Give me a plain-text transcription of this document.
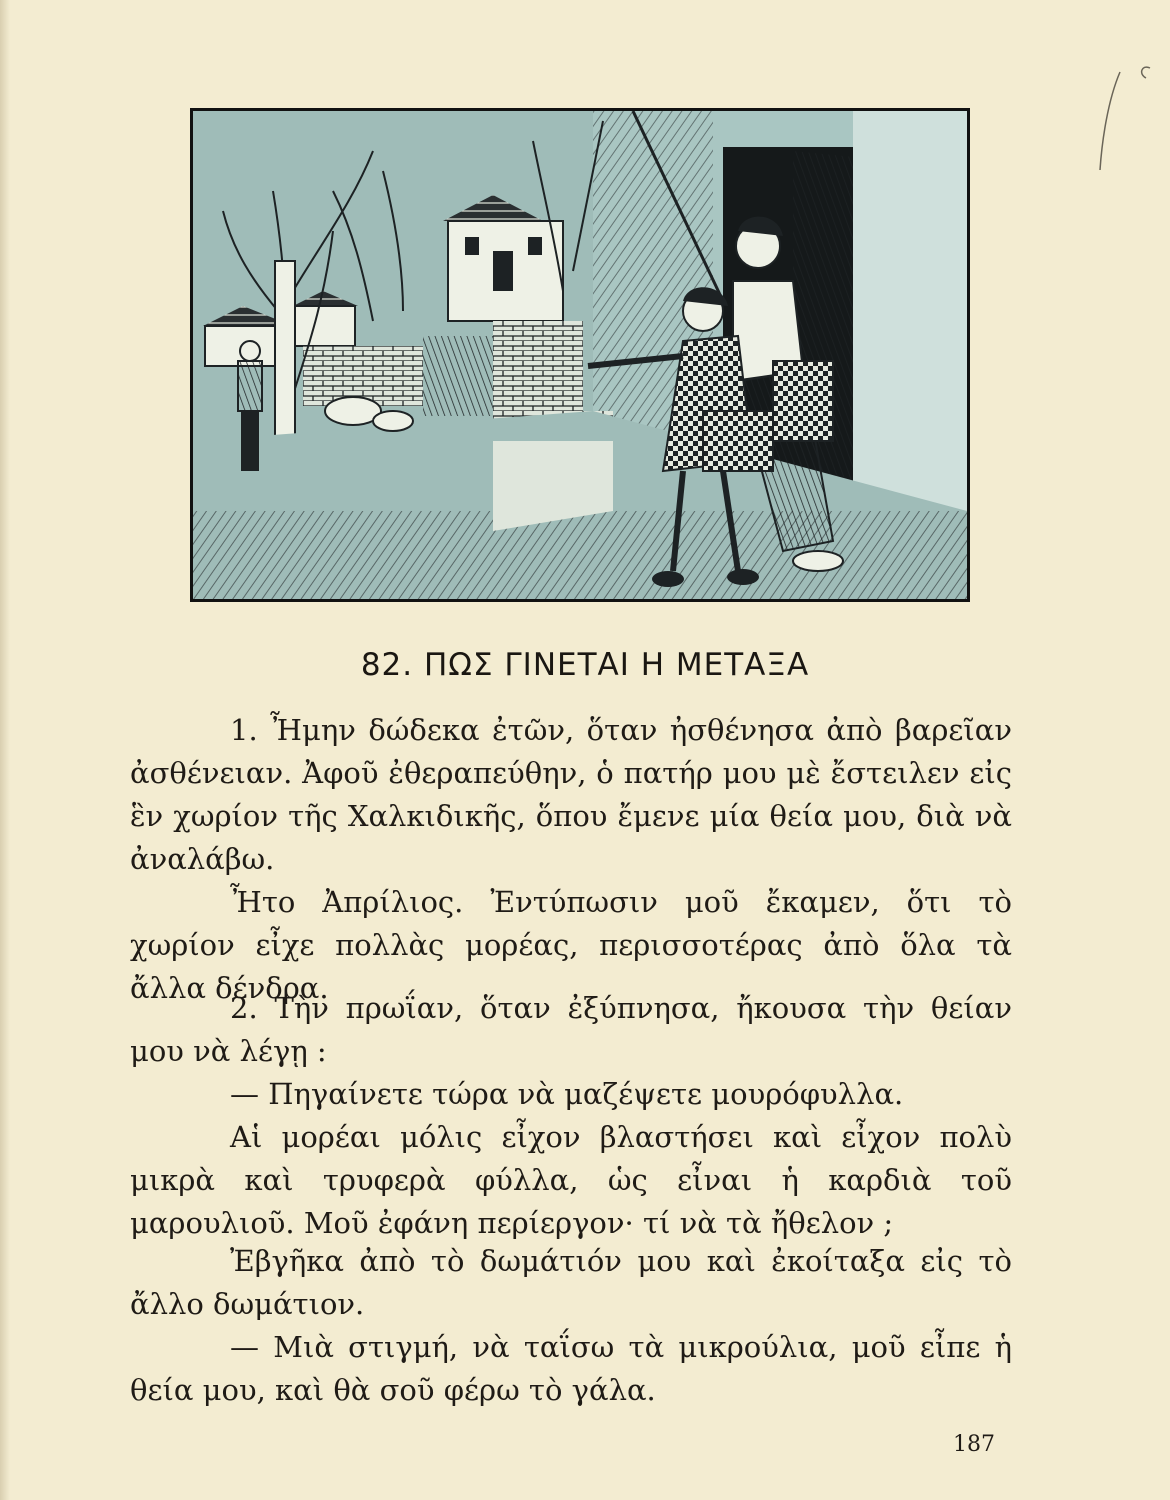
82. ΠΩΣ ΓΙΝΕΤΑΙ Η ΜΕΤΑΞΑ

1. Ἦμην δώδεκα ἐτῶν, ὅταν ἠσθένησα ἀπὸ βαρεῖαν ἀσθένειαν. Ἀφοῦ ἐθεραπεύθην, ὁ πατήρ μου μὲ ἔστειλεν εἰς ἓν χωρίον τῆς Χαλκιδικῆς, ὅπου ἔμενε μία θεία μου, διὰ νὰ ἀναλάβω.

Ἦτο Ἀπρίλιος. Ἐντύπωσιν μοῦ ἔκαμεν, ὅτι τὸ χωρίον εἶχε πολλὰς μορέας, περισσοτέρας ἀπὸ ὅλα τὰ ἄλλα δένδρα.

2. Τὴν πρωΐαν, ὅταν ἐξύπνησα, ἤκουσα τὴν θείαν μου νὰ λέγῃ :

— Πηγαίνετε τώρα νὰ μαζέψετε μουρόφυλλα.

Αἱ μορέαι μόλις εἶχον βλαστήσει καὶ εἶχον πολὺ μικρὰ καὶ τρυφερὰ φύλλα, ὡς εἶναι ἡ καρδιὰ τοῦ μαρουλιοῦ. Μοῦ ἐφάνη περίεργον· τί νὰ τὰ ἤθελον ;

Ἐβγῆκα ἀπὸ τὸ δωμάτιόν μου καὶ ἐκοίταξα εἰς τὸ ἄλλο δωμάτιον.

— Μιὰ στιγμή, νὰ ταΐσω τὰ μικρούλια, μοῦ εἶπε ἡ θεία μου, καὶ θὰ σοῦ φέρω τὸ γάλα.

187
